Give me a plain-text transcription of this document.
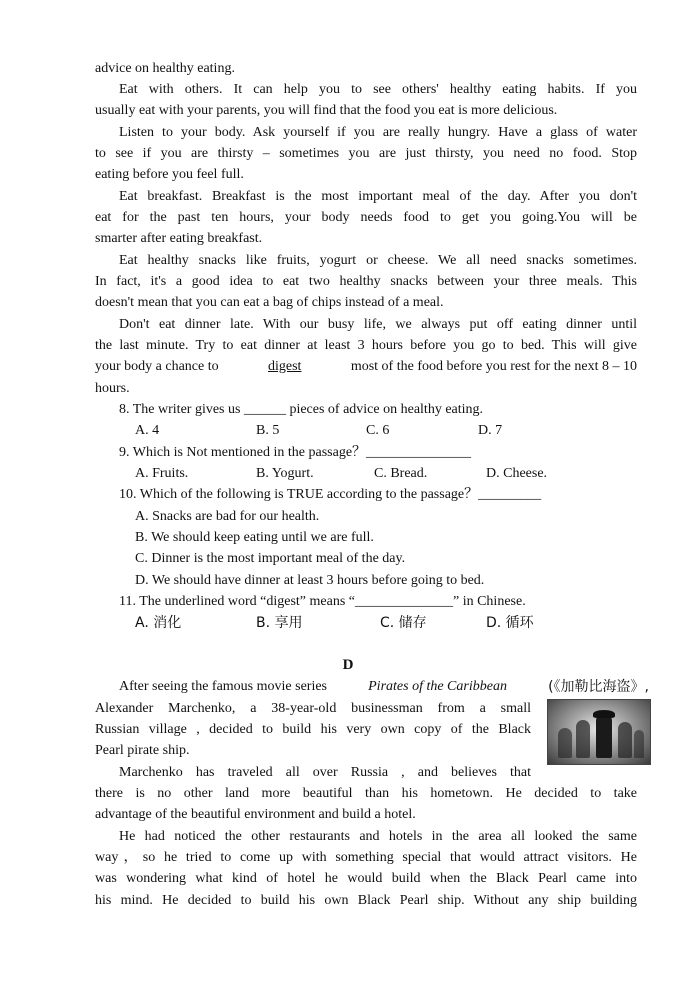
advice on healthy eating.
Eat with others. It can help you to see others' healthy eating habits. If you
usually eat with your parents, you will find that the food you eat is more delicious.
Listen to your body. Ask yourself if you are really hungry. Have a glass of water
to see if you are thirsty – sometimes you are just thirsty, you need no food. Stop
eating before you feel full.
Eat breakfast. Breakfast is the most important meal of the day. After you don't
eat for the past ten hours, your body needs food to get you going.You will be
smarter after eating breakfast.
Eat healthy snacks like fruits, yogurt or cheese. We all need snacks sometimes.
In fact, it's a good idea to eat two healthy snacks between your three meals. This
doesn't mean that you can eat a bag of chips instead of a meal.
Don't eat dinner late. With our busy life, we always put off eating dinner until
the last minute. Try to eat dinner at least 3 hours before you go to bed. This will give
your body a chance to	digest	most of the food before you rest for the next 8 – 10
hours.
8. The writer gives us ______ pieces of advice on healthy eating.
A. 4	B. 5	C. 6	D. 7
9. Which is Not mentioned in the passage？_______________
A. Fruits.	B. Yogurt.	C. Bread.	D. Cheese.
10. Which of the following is TRUE according to the passage？_________
A. Snacks are bad for our health.
B. We should keep eating until we are full.
C. Dinner is the most important meal of the day.
D. We should have dinner at least 3 hours before going to bed.
11. The underlined word “digest” means “______________” in Chinese.
A. 消化	B. 享用	C. 储存	D. 循环
D
After seeing the famous movie series	Pirates of the Caribbean	(《加勒比海盗》,
Alexander Marchenko, a 38-year-old businessman from a small
Russian village , decided to build his very own copy of the Black
Pearl pirate ship.
Marchenko has traveled all over Russia , and believes that
there is no other land more beautiful than his hometown. He decided to take
advantage of the beautiful environment and build a hotel.
He had noticed the other restaurants and hotels in the area all looked the same
way，so he tried to come up with something special that would attract visitors. He
was wondering what kind of hotel he would build when the Black Pearl came into
his mind. He decided to build his own Black Pearl ship. Without any ship building
